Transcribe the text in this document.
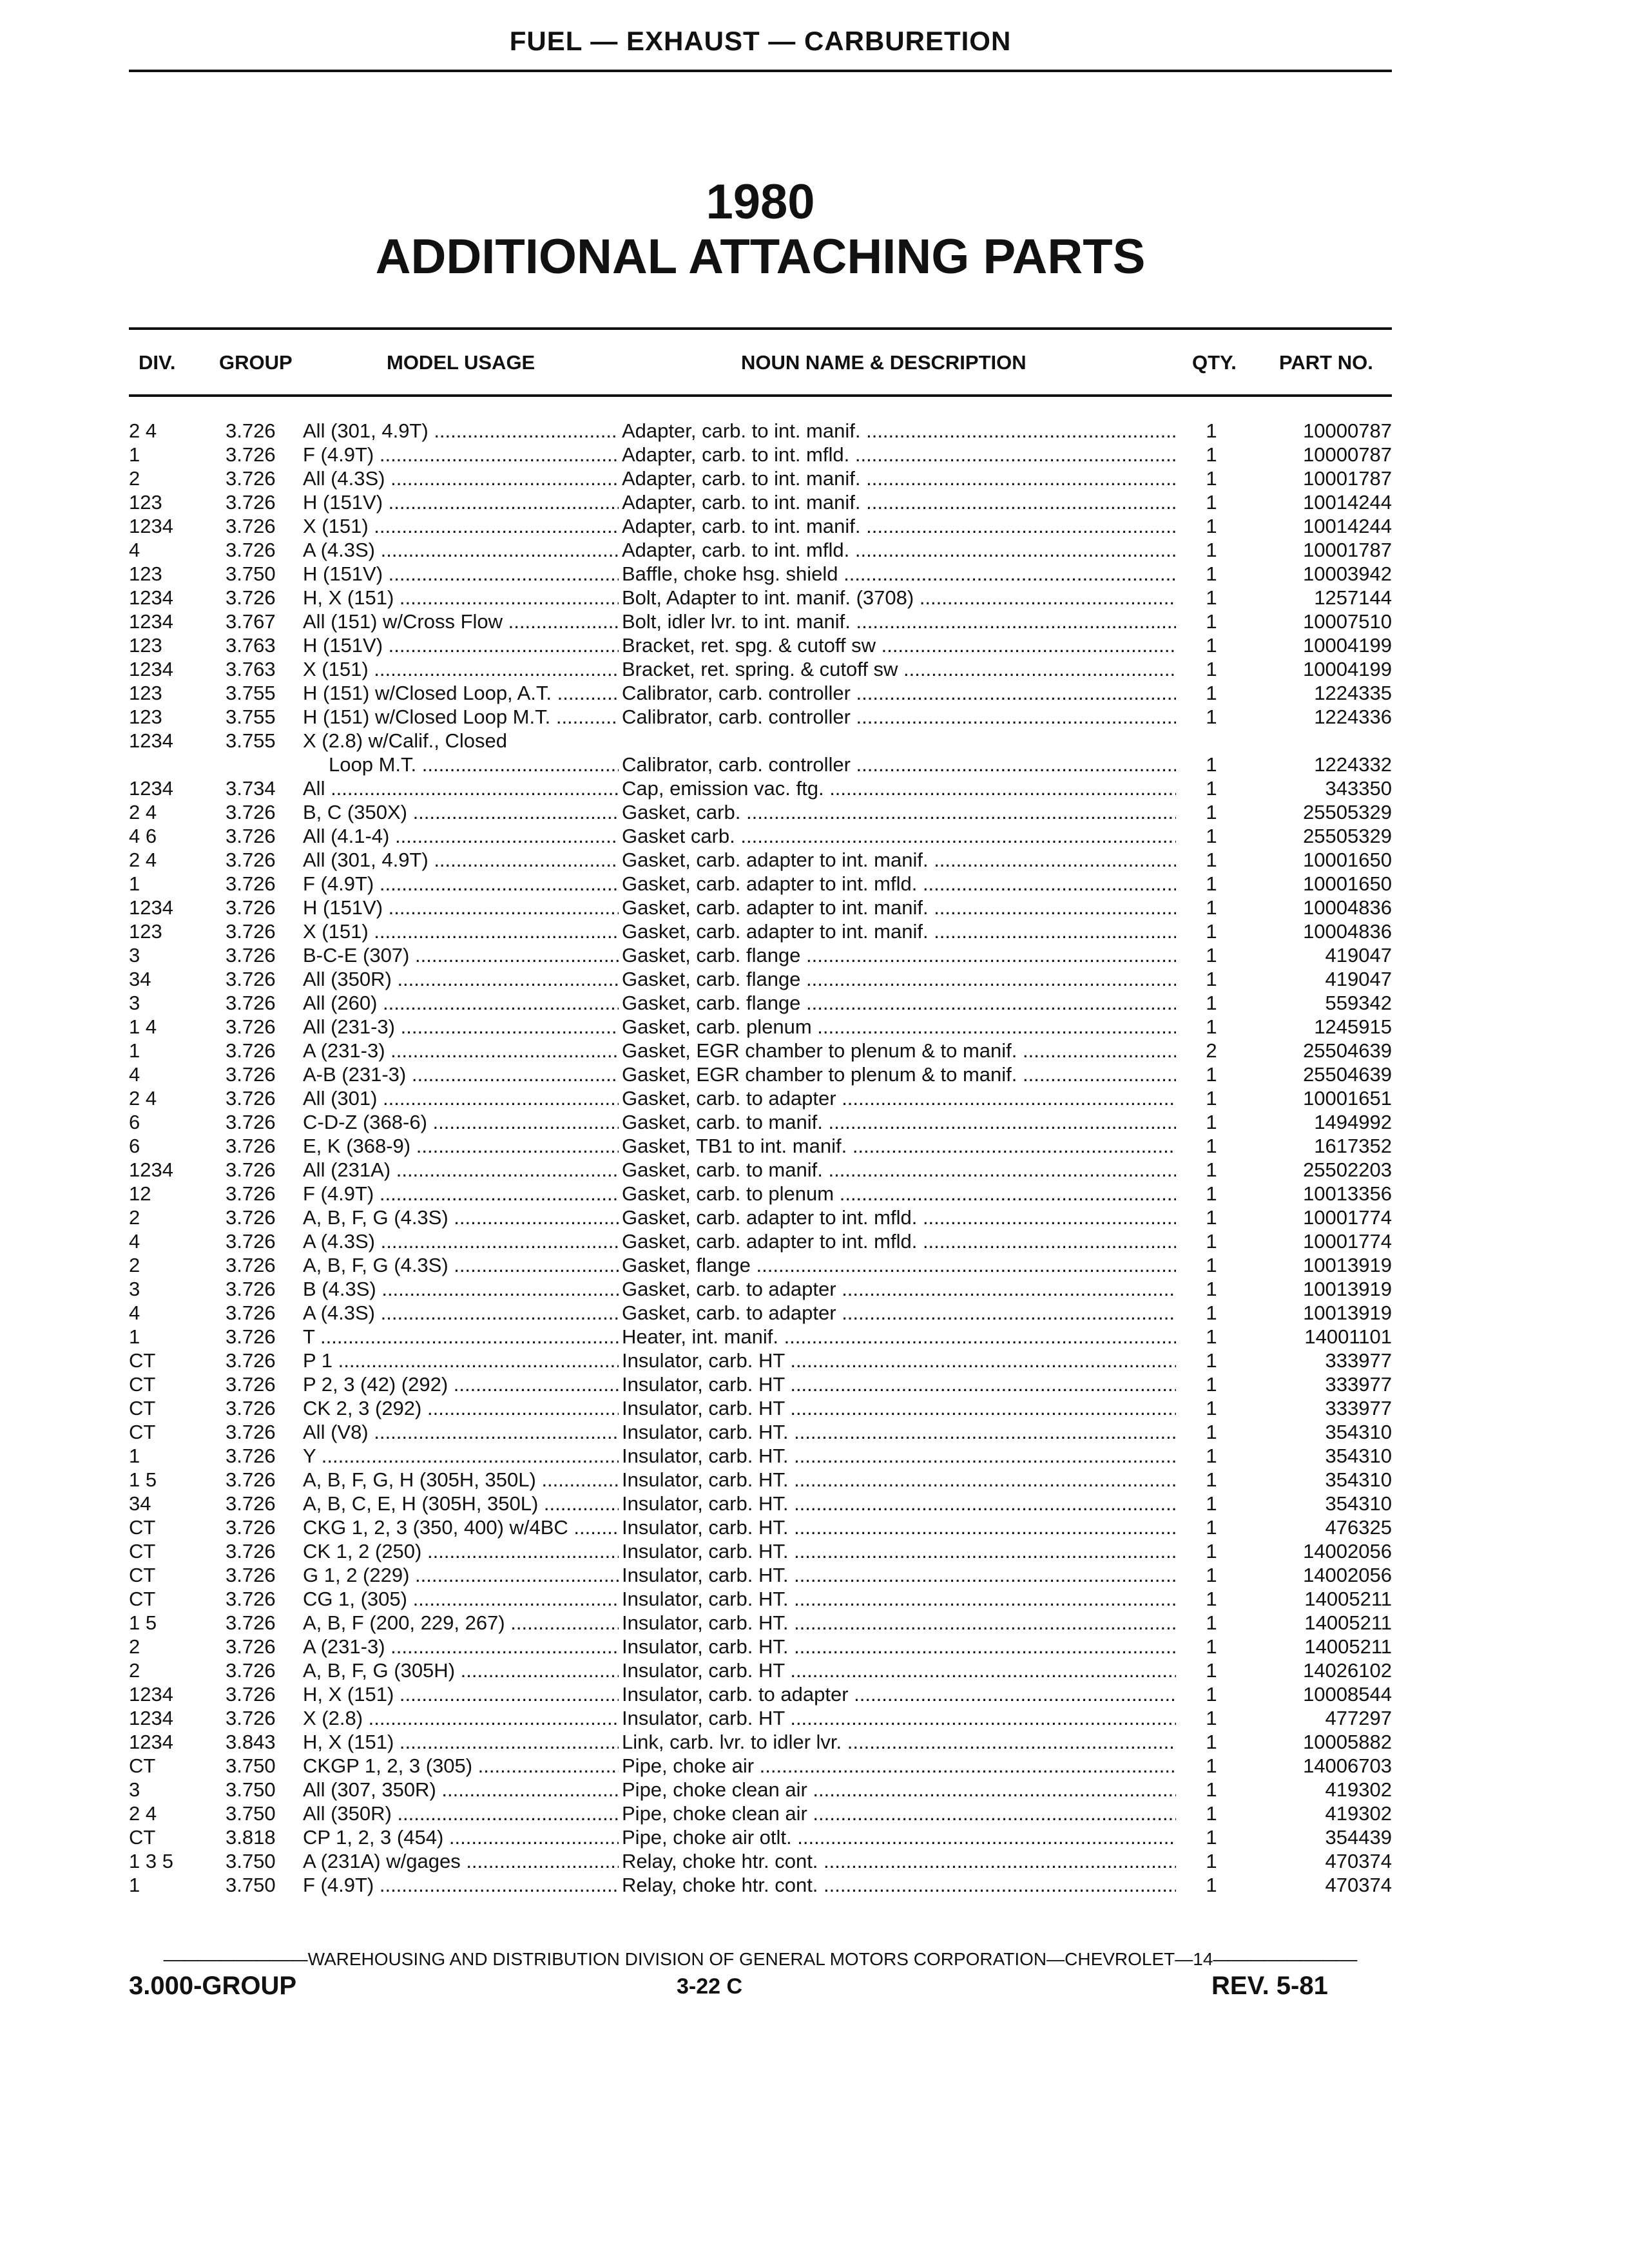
FUEL — EXHAUST — CARBURETION
1980
ADDITIONAL ATTACHING PARTS
DIV. GROUP	MODEL USAGE	NOUN NAME & DESCRIPTION	QTY. PART NO.
2 4	3.726	All (301, 4.9T) .....	Adapter, carb. to int. manif. .....	1	10000787
1	3.726	F (4.9T) .....	Adapter, carb. to int. mfld. .....	1	10000787
2	3.726	All (4.3S) .....	Adapter, carb. to int. manif. .....	1	10001787
123	3.726	H (151V) .....	Adapter, carb. to int. manif. .....	1	10014244
1234	3.726	X (151) .....	Adapter, carb. to int. manif. .....	1	10014244
4	3.726	A (4.3S) .....	Adapter, carb. to int. mfld. .....	1	10001787
123	3.750	H (151V) .....	Baffle, choke hsg. shield .....	1	10003942
1234	3.726	H, X (151) .....	Bolt, Adapter to int. manif. (3708) .....	1	1257144
1234	3.767	All (151) w/Cross Flow .....	Bolt, idler lvr. to int. manif. .....	1	10007510
123	3.763	H (151V) .....	Bracket, ret. spg. & cutoff sw .....	1	10004199
1234	3.763	X (151) .....	Bracket, ret. spring. & cutoff sw .....	1	10004199
123	3.755	H (151) w/Closed Loop, A.T. .....	Calibrator, carb. controller .....	1	1224335
123	3.755	H (151) w/Closed Loop M.T. .....	Calibrator, carb. controller .....	1	1224336
1234	3.755	X (2.8) w/Calif., Closed
Loop M.T. .....	Calibrator, carb. controller .....	1	1224332
1234	3.734	All .....	Cap, emission vac. ftg. .....	1	343350
2 4	3.726	B, C (350X) .....	Gasket, carb. .....	1	25505329
4 6	3.726	All (4.1-4) .....	Gasket carb. .....	1	25505329
2 4	3.726	All (301, 4.9T) .....	Gasket, carb. adapter to int. manif. .....	1	10001650
1	3.726	F (4.9T) .....	Gasket, carb. adapter to int. mfld. .....	1	10001650
1234	3.726	H (151V) .....	Gasket, carb. adapter to int. manif. .....	1	10004836
123	3.726	X (151) .....	Gasket, carb. adapter to int. manif. .....	1	10004836
3	3.726	B-C-E (307) .....	Gasket, carb. flange .....	1	419047
34	3.726	All (350R) .....	Gasket, carb. flange .....	1	419047
3	3.726	All (260) .....	Gasket, carb. flange .....	1	559342
1 4	3.726	All (231-3) .....	Gasket, carb. plenum .....	1	1245915
1	3.726	A (231-3) .....	Gasket, EGR chamber to plenum & to manif. .....	2	25504639
4	3.726	A-B (231-3) .....	Gasket, EGR chamber to plenum & to manif. .....	1	25504639
2 4	3.726	All (301) .....	Gasket, carb. to adapter .....	1	10001651
6	3.726	C-D-Z (368-6) .....	Gasket, carb. to manif. .....	1	1494992
6	3.726	E, K (368-9) .....	Gasket, TB1 to int. manif. .....	1	1617352
1234	3.726	All (231A) .....	Gasket, carb. to manif. .....	1	25502203
12	3.726	F (4.9T) .....	Gasket, carb. to plenum .....	1	10013356
2	3.726	A, B, F, G (4.3S) .....	Gasket, carb. adapter to int. mfld. .....	1	10001774
4	3.726	A (4.3S) .....	Gasket, carb. adapter to int. mfld. .....	1	10001774
2	3.726	A, B, F, G (4.3S) .....	Gasket, flange .....	1	10013919
3	3.726	B (4.3S) .....	Gasket, carb. to adapter .....	1	10013919
4	3.726	A (4.3S) .....	Gasket, carb. to adapter .....	1	10013919
1	3.726	T .....	Heater, int. manif. .....	1	14001101
CT	3.726	P 1 .....	Insulator, carb. HT .....	1	333977
CT	3.726	P 2, 3 (42) (292) .....	Insulator, carb. HT .....	1	333977
CT	3.726	CK 2, 3 (292) .....	Insulator, carb. HT .....	1	333977
CT	3.726	All (V8) .....	Insulator, carb. HT. .....	1	354310
1	3.726	Y .....	Insulator, carb. HT. .....	1	354310
1 5	3.726	A, B, F, G, H (305H, 350L) .....	Insulator, carb. HT. .....	1	354310
34	3.726	A, B, C, E, H (305H, 350L) .....	Insulator, carb. HT. .....	1	354310
CT	3.726	CKG 1, 2, 3 (350, 400) w/4BC .....	Insulator, carb. HT. .....	1	476325
CT	3.726	CK 1, 2 (250) .....	Insulator, carb. HT. .....	1	14002056
CT	3.726	G 1, 2 (229) .....	Insulator, carb. HT. .....	1	14002056
CT	3.726	CG 1, (305) .....	Insulator, carb. HT. .....	1	14005211
1 5	3.726	A, B, F (200, 229, 267) .....	Insulator, carb. HT. .....	1	14005211
2	3.726	A (231-3) .....	Insulator, carb. HT. .....	1	14005211
2	3.726	A, B, F, G (305H) .....	Insulator, carb. HT .....	1	14026102
1234	3.726	H, X (151) .....	Insulator, carb. to adapter .....	1	10008544
1234	3.726	X (2.8) .....	Insulator, carb. HT .....	1	477297
1234	3.843	H, X (151) .....	Link, carb. lvr. to idler lvr. .....	1	10005882
CT	3.750	CKGP 1, 2, 3 (305) .....	Pipe, choke air .....	1	14006703
3	3.750	All (307, 350R) .....	Pipe, choke clean air .....	1	419302
2 4	3.750	All (350R) .....	Pipe, choke clean air .....	1	419302
CT	3.818	CP 1, 2, 3 (454) .....	Pipe, choke air otlt. .....	1	354439
1 3 5	3.750	A (231A) w/gages .....	Relay, choke htr. cont. .....	1	470374
1	3.750	F (4.9T) .....	Relay, choke htr. cont. .....	1	470374
————————WAREHOUSING AND DISTRIBUTION DIVISION OF GENERAL MOTORS CORPORATION—CHEVROLET—14————————
3.000-GROUP	3-22 C	REV. 5-81
